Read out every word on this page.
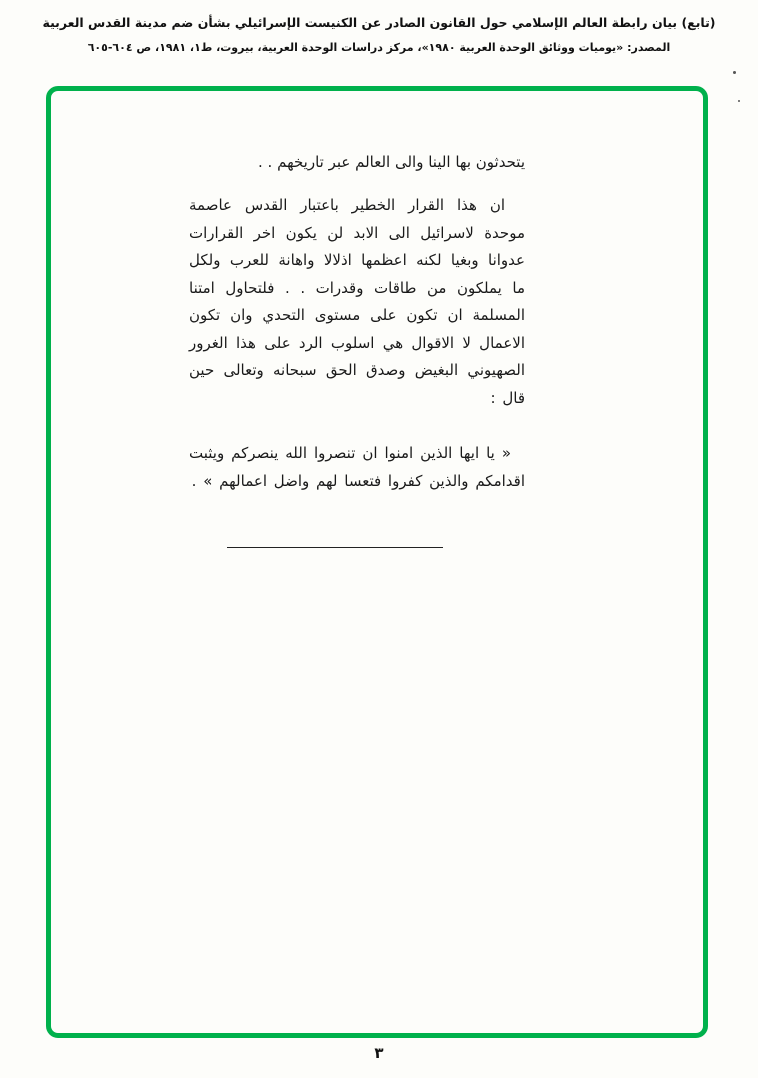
(تابع) بيان رابطة العالم الإسلامي حول القانون الصادر عن الكنيست الإسرائيلي بشأن ضم مدينة القدس العربية
المصدر: «يوميات ووثائق الوحدة العربية ١٩٨٠»، مركز دراسات الوحدة العربية، بيروت، ط١، ١٩٨١، ص ٦٠٤-٦٠٥

يتحدثون بها الينا والى العالم عبر تاريخهم . .

ان هذا القرار الخطير باعتبار القدس عاصمة موحدة لاسرائيل الى الابد لن يكون اخر القرارات عدوانا وبغيا لكنه اعظمها اذلالا واهانة للعرب ولكل ما يملكون من طاقات وقدرات . . فلتحاول امتنا المسلمة ان تكون على مستوى التحدي وان تكون الاعمال لا الاقوال هي اسلوب الرد على هذا الغرور الصهيوني البغيض وصدق الحق سبحانه وتعالى حين قال :

« يا ايها الذين امنوا ان تنصروا الله ينصركم ويثبت اقدامكم والذين كفروا فتعسا لهم واضل اعمالهم » .

٣
